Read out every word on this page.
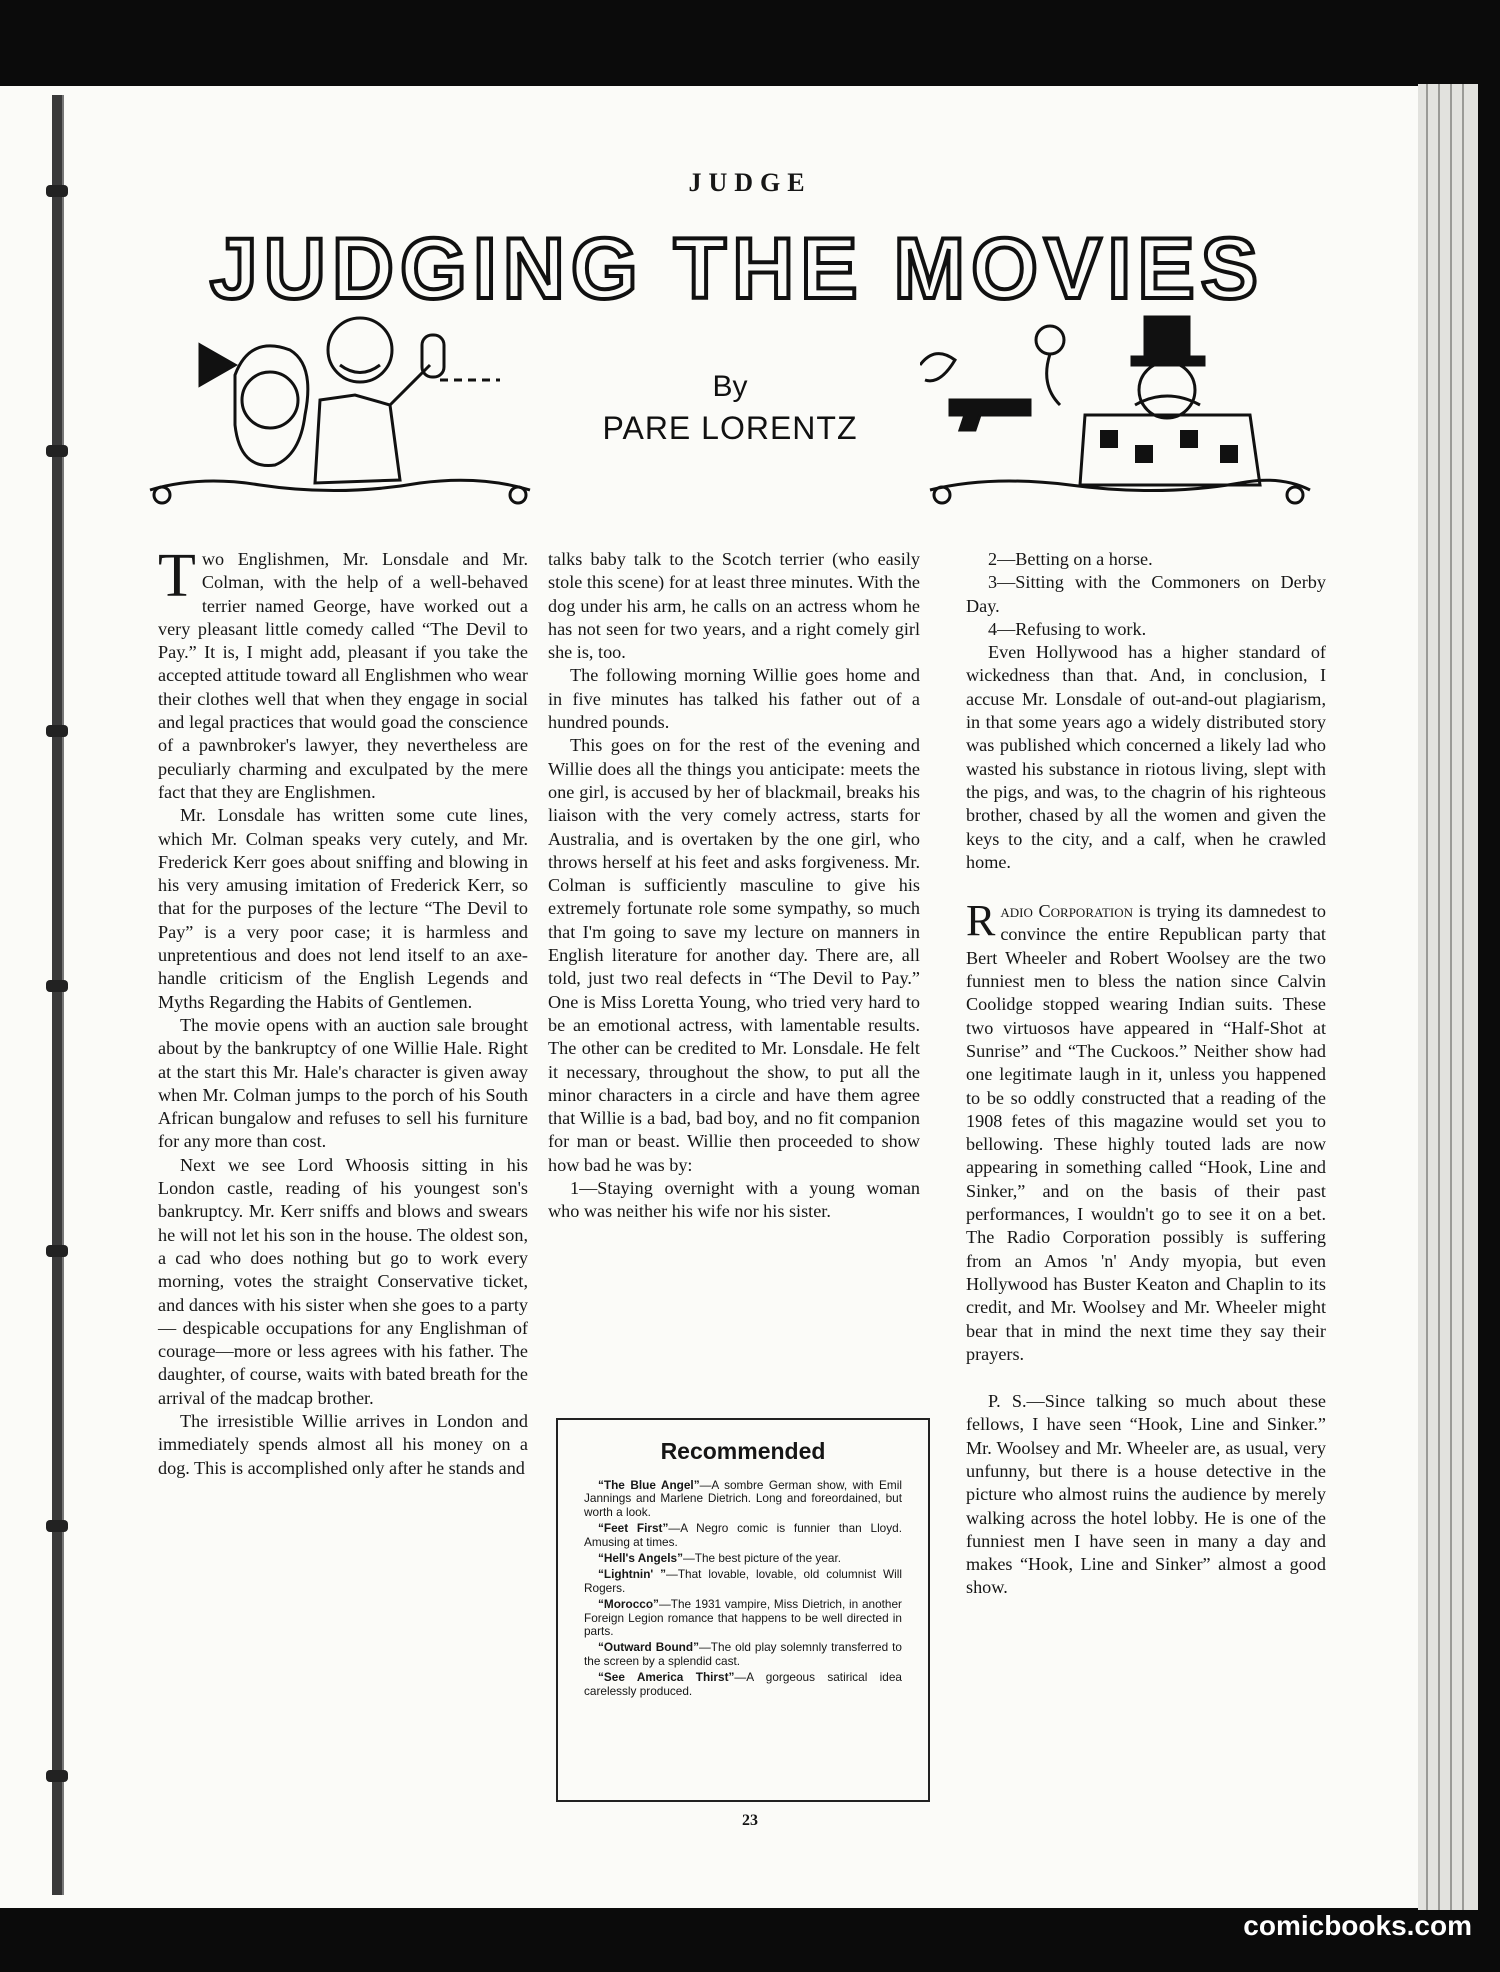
JUDGE
JUDGING THE MOVIES
By
PARE LORENTZ

Two Englishmen, Mr. Lonsdale and Mr. Colman, with the help of a well-behaved terrier named George, have worked out a very pleasant little comedy called “The Devil to Pay.” It is, I might add, pleasant if you take the accepted attitude toward all Englishmen who wear their clothes well that when they engage in social and legal practices that would goad the conscience of a pawnbroker's lawyer, they nevertheless are peculiarly charming and exculpated by the mere fact that they are Englishmen.

Mr. Lonsdale has written some cute lines, which Mr. Colman speaks very cutely, and Mr. Frederick Kerr goes about sniffing and blowing in his very amusing imitation of Frederick Kerr, so that for the purposes of the lecture “The Devil to Pay” is a very poor case; it is harmless and unpretentious and does not lend itself to an axe-handle criticism of the English Legends and Myths Regarding the Habits of Gentlemen.

The movie opens with an auction sale brought about by the bankruptcy of one Willie Hale. Right at the start this Mr. Hale's character is given away when Mr. Colman jumps to the porch of his South African bungalow and refuses to sell his furniture for any more than cost.

Next we see Lord Whoosis sitting in his London castle, reading of his youngest son's bankruptcy. Mr. Kerr sniffs and blows and swears he will not let his son in the house. The oldest son, a cad who does nothing but go to work every morning, votes the straight Conservative ticket, and dances with his sister when she goes to a party — despicable occupations for any Englishman of courage—more or less agrees with his father. The daughter, of course, waits with bated breath for the arrival of the madcap brother.

The irresistible Willie arrives in London and immediately spends almost all his money on a dog. This is accomplished only after he stands and

talks baby talk to the Scotch terrier (who easily stole this scene) for at least three minutes. With the dog under his arm, he calls on an actress whom he has not seen for two years, and a right comely girl she is, too.

The following morning Willie goes home and in five minutes has talked his father out of a hundred pounds.

This goes on for the rest of the evening and Willie does all the things you anticipate: meets the one girl, is accused by her of blackmail, breaks his liaison with the very comely actress, starts for Australia, and is overtaken by the one girl, who throws herself at his feet and asks forgiveness. Mr. Colman is sufficiently masculine to give his extremely fortunate role some sympathy, so much that I'm going to save my lecture on manners in English literature for another day. There are, all told, just two real defects in “The Devil to Pay.” One is Miss Loretta Young, who tried very hard to be an emotional actress, with lamentable results. The other can be credited to Mr. Lonsdale. He felt it necessary, throughout the show, to put all the minor characters in a circle and have them agree that Willie is a bad, bad boy, and no fit companion for man or beast. Willie then proceeded to show how bad he was by:

1—Staying overnight with a young woman who was neither his wife nor his sister.

Recommended

“The Blue Angel”—A sombre German show, with Emil Jannings and Marlene Dietrich. Long and foreordained, but worth a look.

“Feet First”—A Negro comic is funnier than Lloyd. Amusing at times.

“Hell's Angels”—The best picture of the year.

“Lightnin' ”—That lovable, lovable, old columnist Will Rogers.

“Morocco”—The 1931 vampire, Miss Dietrich, in another Foreign Legion romance that happens to be well directed in parts.

“Outward Bound”—The old play solemnly transferred to the screen by a splendid cast.

“See America Thirst”—A gorgeous satirical idea carelessly produced.

2—Betting on a horse.

3—Sitting with the Commoners on Derby Day.

4—Refusing to work.

Even Hollywood has a higher standard of wickedness than that. And, in conclusion, I accuse Mr. Lonsdale of out-and-out plagiarism, in that some years ago a widely distributed story was published which concerned a likely lad who wasted his substance in riotous living, slept with the pigs, and was, to the chagrin of his righteous brother, chased by all the women and given the keys to the city, and a calf, when he crawled home.

Radio Corporation is trying its damnedest to convince the entire Republican party that Bert Wheeler and Robert Woolsey are the two funniest men to bless the nation since Calvin Coolidge stopped wearing Indian suits. These two virtuosos have appeared in “Half-Shot at Sunrise” and “The Cuckoos.” Neither show had one legitimate laugh in it, unless you happened to be so oddly constructed that a reading of the 1908 fetes of this magazine would set you to bellowing. These highly touted lads are now appearing in something called “Hook, Line and Sinker,” and on the basis of their past performances, I wouldn't go to see it on a bet. The Radio Corporation possibly is suffering from an Amos 'n' Andy myopia, but even Hollywood has Buster Keaton and Chaplin to its credit, and Mr. Woolsey and Mr. Wheeler might bear that in mind the next time they say their prayers.

P. S.—Since talking so much about these fellows, I have seen “Hook, Line and Sinker.” Mr. Woolsey and Mr. Wheeler are, as usual, very unfunny, but there is a house detective in the picture who almost ruins the audience by merely walking across the hotel lobby. He is one of the funniest men I have seen in many a day and makes “Hook, Line and Sinker” almost a good show.

23
comicbooks.com
